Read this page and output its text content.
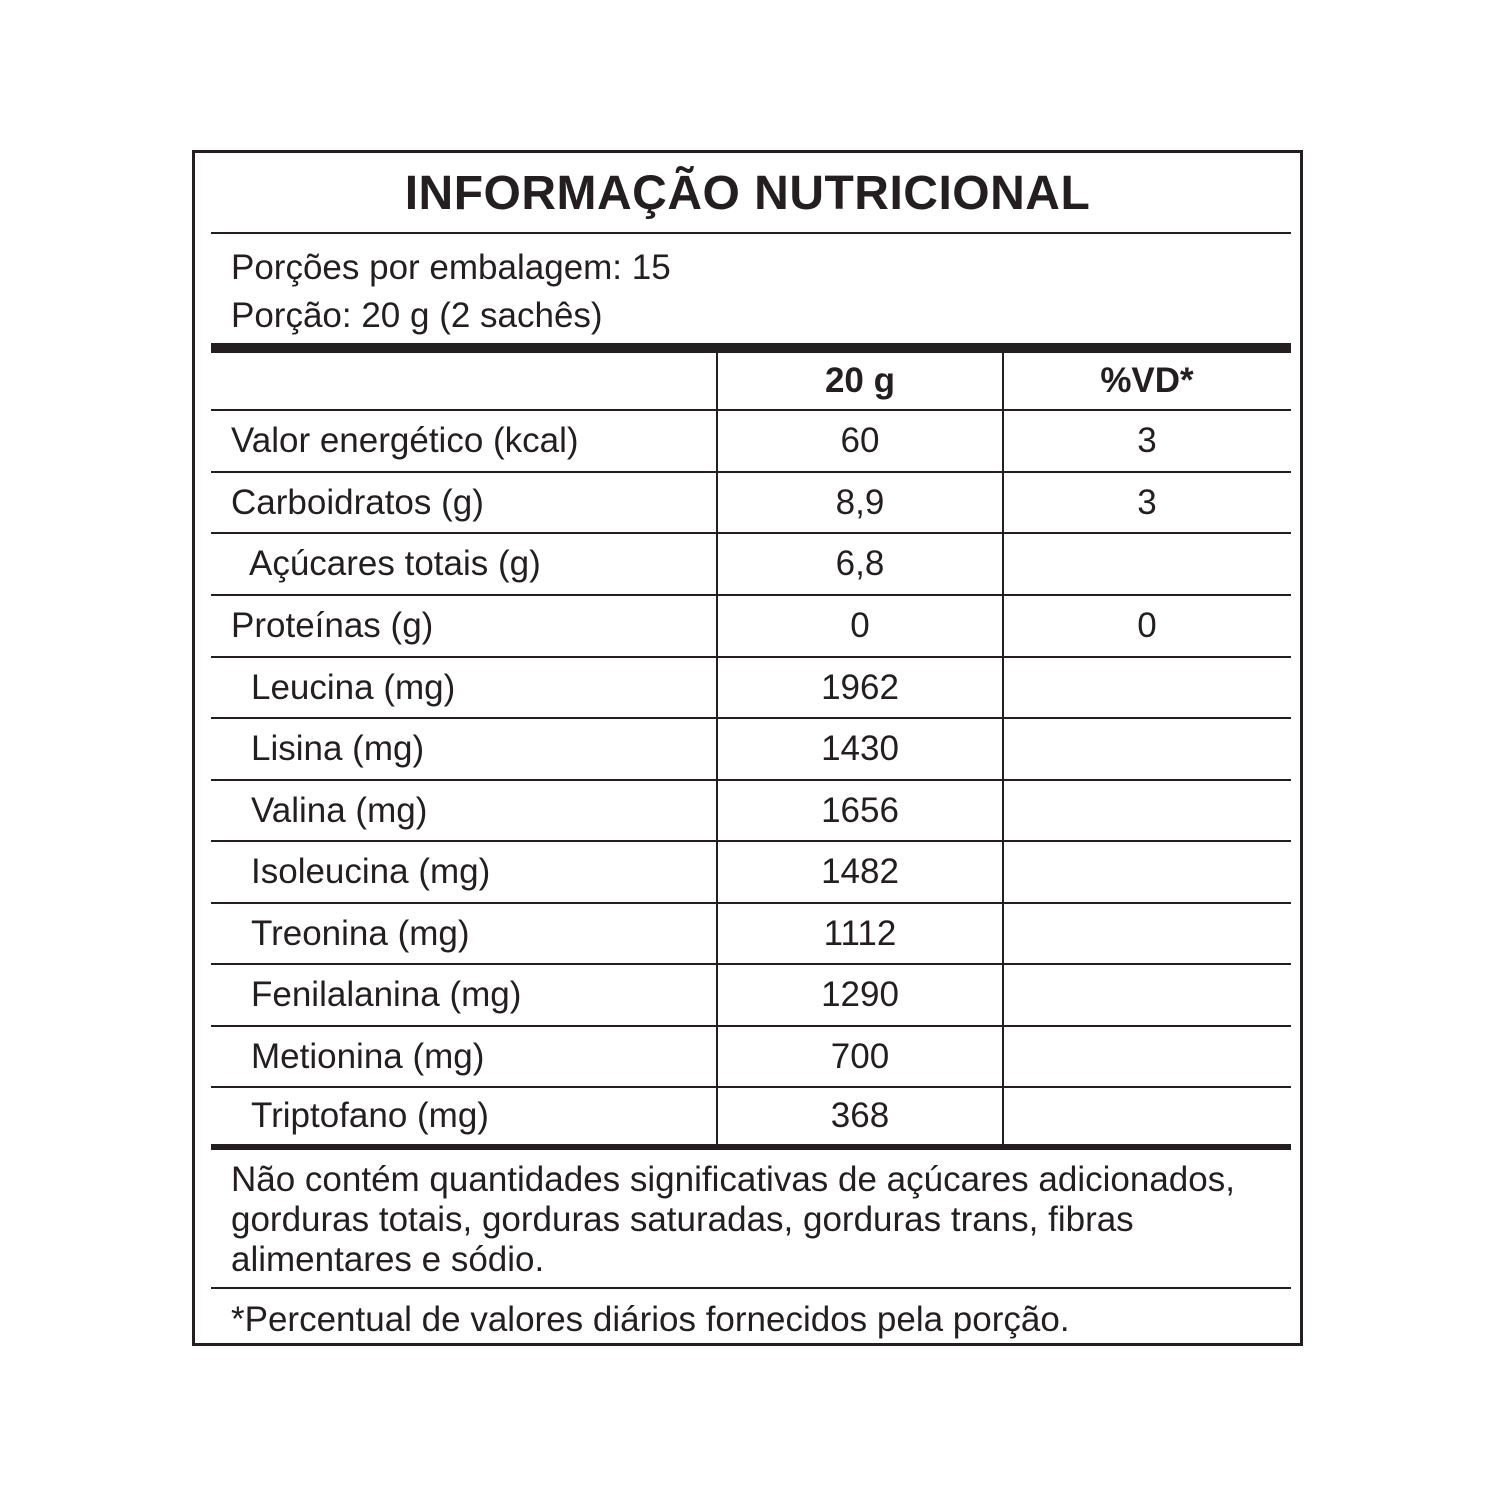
INFORMAÇÃO NUTRICIONAL
Porções por embalagem: 15
Porção: 20 g (2 sachês)
20 g	%VD*
Valor energético (kcal)	60	3
Carboidratos (g)	8,9	3
Açúcares totais (g)	6,8
Proteínas (g)	0	0
Leucina (mg)	1962
Lisina (mg)	1430
Valina (mg)	1656
Isoleucina (mg)	1482
Treonina (mg)	1112
Fenilalanina (mg)	1290
Metionina (mg)	700
Triptofano (mg)	368
Não contém quantidades significativas de açúcares adicionados, gorduras totais, gorduras saturadas, gorduras trans, fibras alimentares e sódio.
*Percentual de valores diários fornecidos pela porção.
